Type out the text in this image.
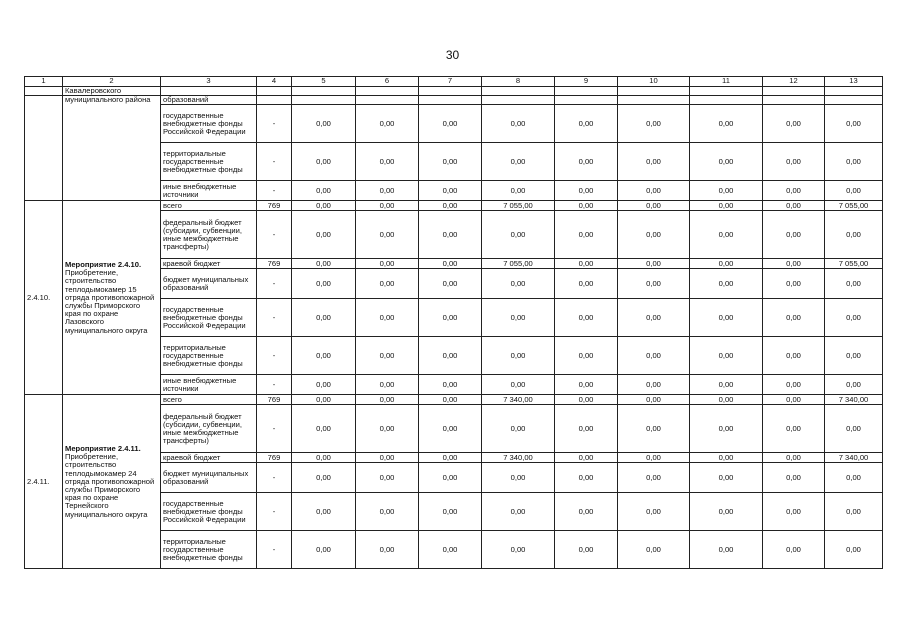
30
1	2	3	4	5	6	7	8	9	10	11	12	13
	Кавалеровского											
	муниципального района	образований										
		государственные внебюджетные фонды Российской Федерации	-	0,00	0,00	0,00	0,00	0,00	0,00	0,00	0,00	0,00
		территориальные государственные внебюджетные фонды	-	0,00	0,00	0,00	0,00	0,00	0,00	0,00	0,00	0,00
		иные внебюджетные источники	-	0,00	0,00	0,00	0,00	0,00	0,00	0,00	0,00	0,00
2.4.10.	Мероприятие 2.4.10. Приобретение, строительство теплодымокамер 15 отряда противопожарной службы Приморского края по охране Лазовского муниципального округа	всего	769	0,00	0,00	0,00	7 055,00	0,00	0,00	0,00	0,00	7 055,00
		федеральный бюджет (субсидии, субвенции, иные межбюджетные трансферты)	-	0,00	0,00	0,00	0,00	0,00	0,00	0,00	0,00	0,00
		краевой бюджет	769	0,00	0,00	0,00	7 055,00	0,00	0,00	0,00	0,00	7 055,00
		бюджет муниципальных образований	-	0,00	0,00	0,00	0,00	0,00	0,00	0,00	0,00	0,00
		государственные внебюджетные фонды Российской Федерации	-	0,00	0,00	0,00	0,00	0,00	0,00	0,00	0,00	0,00
		территориальные государственные внебюджетные фонды	-	0,00	0,00	0,00	0,00	0,00	0,00	0,00	0,00	0,00
		иные внебюджетные источники	-	0,00	0,00	0,00	0,00	0,00	0,00	0,00	0,00	0,00
2.4.11.	Мероприятие 2.4.11. Приобретение, строительство теплодымокамер 24 отряда противопожарной службы Приморского края по охране Тернейского муниципального округа	всего	769	0,00	0,00	0,00	7 340,00	0,00	0,00	0,00	0,00	7 340,00
		федеральный бюджет (субсидии, субвенции, иные межбюджетные трансферты)	-	0,00	0,00	0,00	0,00	0,00	0,00	0,00	0,00	0,00
		краевой бюджет	769	0,00	0,00	0,00	7 340,00	0,00	0,00	0,00	0,00	7 340,00
		бюджет муниципальных образований	-	0,00	0,00	0,00	0,00	0,00	0,00	0,00	0,00	0,00
		государственные внебюджетные фонды Российской Федерации	-	0,00	0,00	0,00	0,00	0,00	0,00	0,00	0,00	0,00
		территориальные государственные внебюджетные фонды	-	0,00	0,00	0,00	0,00	0,00	0,00	0,00	0,00	0,00
